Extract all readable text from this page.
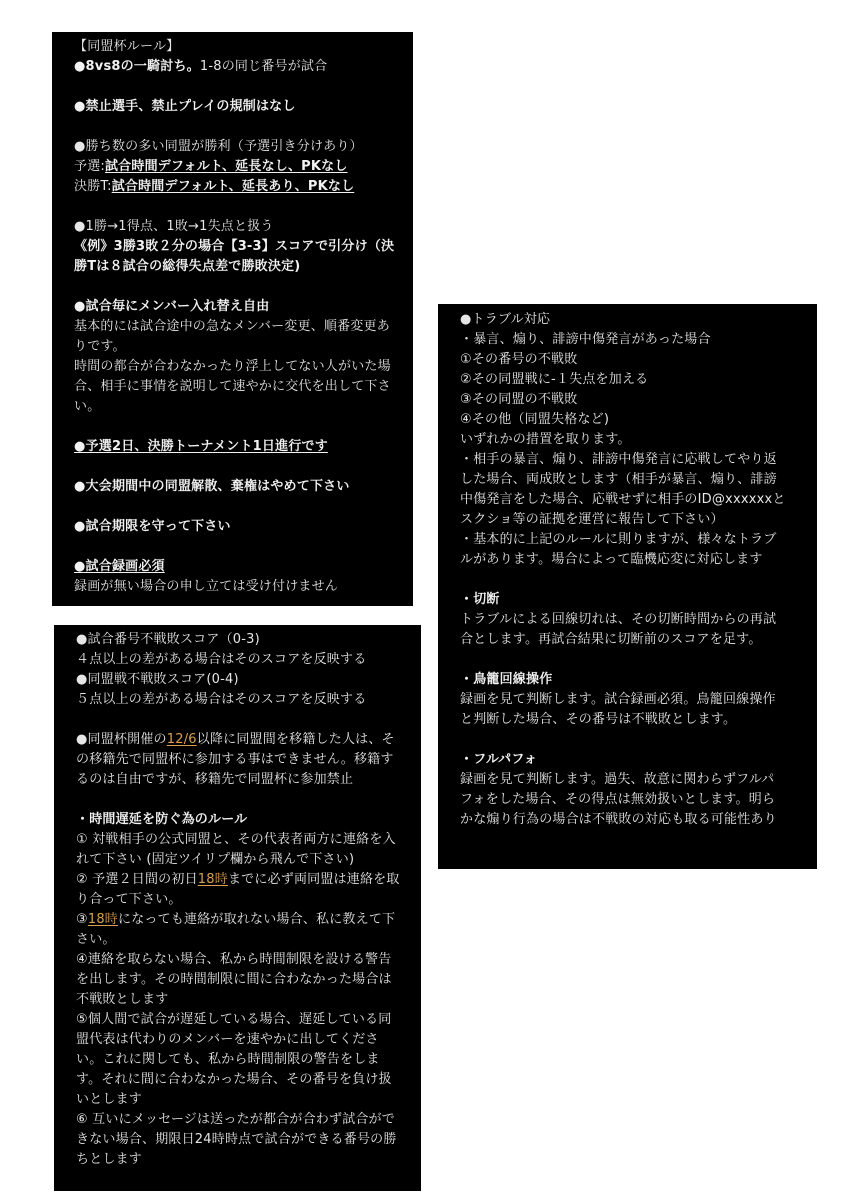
【同盟杯ルール】
●8vs8の一騎討ち。1-8の同じ番号が試合
●禁止選手、禁止プレイの規制はなし
●勝ち数の多い同盟が勝利（予選引き分けあり）
予選:試合時間デフォルト、延長なし、PKなし
決勝T:試合時間デフォルト、延長あり、PKなし
●1勝→1得点、1敗→1失点と扱う
《例》3勝3敗２分の場合【3-3】スコアで引分け（決
勝Tは８試合の総得失点差で勝敗決定)
●試合毎にメンバー入れ替え自由
基本的には試合途中の急なメンバー変更、順番変更あ
りです。
時間の都合が合わなかったり浮上してない人がいた場
合、相手に事情を説明して速やかに交代を出して下さ
い。
●予選2日、決勝トーナメント1日進行です
●大会期間中の同盟解散、棄権はやめて下さい
●試合期限を守って下さい
●試合録画必須
録画が無い場合の申し立ては受け付けません
●トラブル対応
・暴言、煽り、誹謗中傷発言があった場合
①その番号の不戦敗
②その同盟戦に-１失点を加える
③その同盟の不戦敗
④その他（同盟失格など)
いずれかの措置を取ります。
・相手の暴言、煽り、誹謗中傷発言に応戦してやり返
した場合、両成敗とします（相手が暴言、煽り、誹謗
中傷発言をした場合、応戦せずに相手のID@xxxxxxと
スクショ等の証拠を運営に報告して下さい）
・基本的に上記のルールに則りますが、様々なトラブ
ルがあります。場合によって臨機応変に対応します
・切断
トラブルによる回線切れは、その切断時間からの再試
合とします。再試合結果に切断前のスコアを足す。
・鳥籠回線操作
録画を見て判断します。試合録画必須。鳥籠回線操作
と判断した場合、その番号は不戦敗とします。
・フルパフォ
録画を見て判断します。過失、故意に関わらずフルパ
フォをした場合、その得点は無効扱いとします。明ら
かな煽り行為の場合は不戦敗の対応も取る可能性あり
●試合番号不戦敗スコア（0-3)
４点以上の差がある場合はそのスコアを反映する
●同盟戦不戦敗スコア(0-4)
５点以上の差がある場合はそのスコアを反映する
●同盟杯開催の12/6以降に同盟間を移籍した人は、そ
の移籍先で同盟杯に参加する事はできません。移籍す
るのは自由ですが、移籍先で同盟杯に参加禁止
・時間遅延を防ぐ為のルール
① 対戦相手の公式同盟と、その代表者両方に連絡を入
れて下さい (固定ツイリプ欄から飛んで下さい)
② 予選２日間の初日18時までに必ず両同盟は連絡を取
り合って下さい。
③18時になっても連絡が取れない場合、私に教えて下
さい。
④連絡を取らない場合、私から時間制限を設ける警告
を出します。その時間制限に間に合わなかった場合は
不戦敗とします
⑤個人間で試合が遅延している場合、遅延している同
盟代表は代わりのメンバーを速やかに出してくださ
い。これに関しても、私から時間制限の警告をしま
す。それに間に合わなかった場合、その番号を負け扱
いとします
⑥ 互いにメッセージは送ったが都合が合わず試合がで
きない場合、期限日24時時点で試合ができる番号の勝
ちとします
